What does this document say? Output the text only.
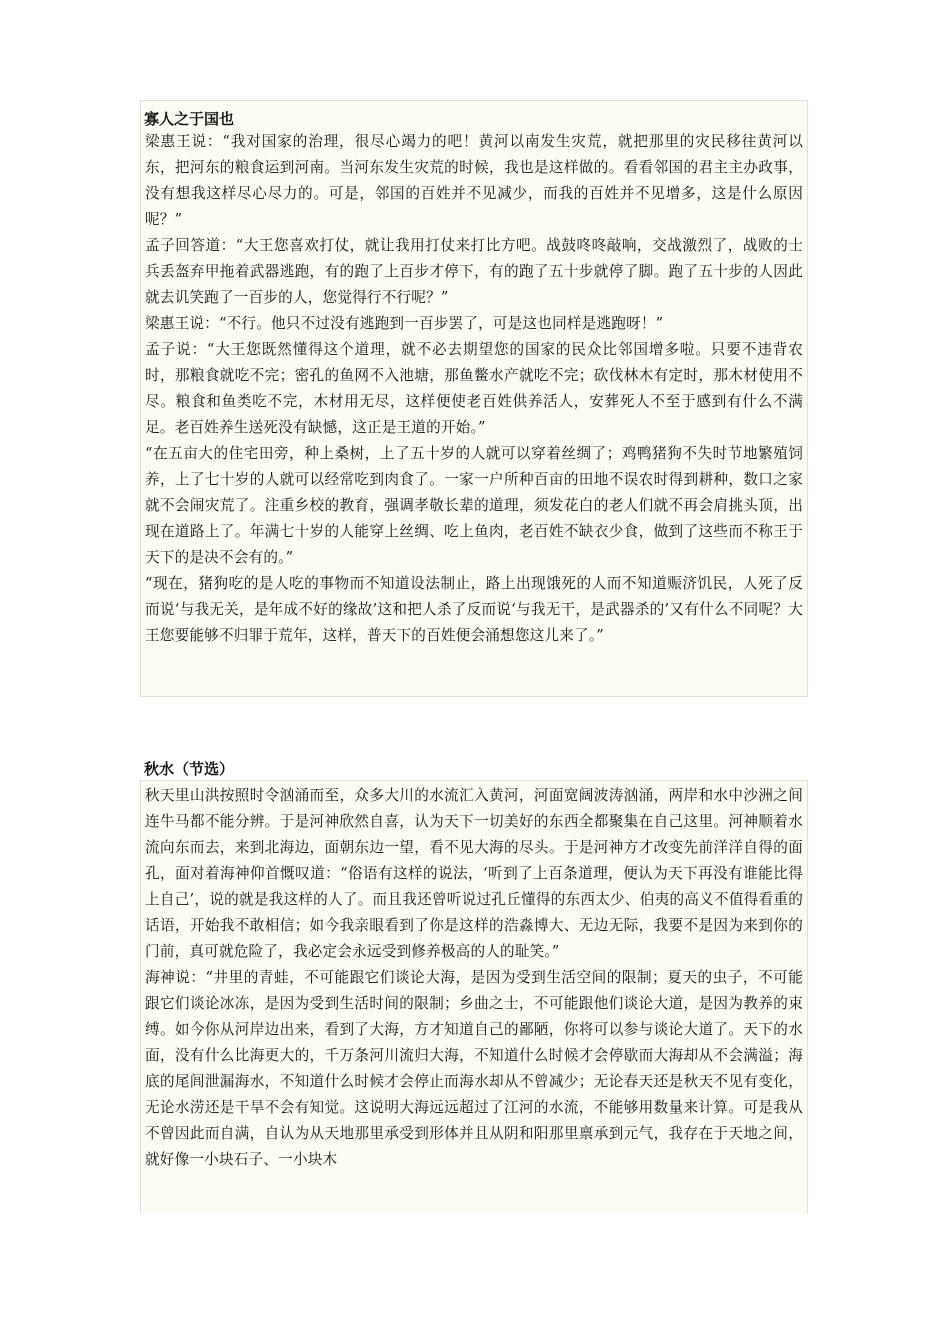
梁惠王说：“我对国家的治理，很尽心竭力的吧！黄河以南发生灾荒，就把那里的灾民移往黄河以东，把河东的粮食运到河南。当河东发生灾荒的时候，我也是这样做的。看看邻国的君主主办政事，没有想我这样尽心尽力的。可是，邻国的百姓并不见减少，而我的百姓并不见增多，这是什么原因呢？”

孟子回答道：“大王您喜欢打仗，就让我用打仗来打比方吧。战鼓咚咚敲响，交战激烈了，战败的士兵丢盔弃甲拖着武器逃跑，有的跑了上百步才停下，有的跑了五十步就停了脚。跑了五十步的人因此就去讥笑跑了一百步的人，您觉得行不行呢？”

梁惠王说：“不行。他只不过没有逃跑到一百步罢了，可是这也同样是逃跑呀！”

孟子说：“大王您既然懂得这个道理，就不必去期望您的国家的民众比邻国增多啦。只要不违背农时，那粮食就吃不完；密孔的鱼网不入池塘，那鱼鳖水产就吃不完；砍伐林木有定时，那木材使用不尽。粮食和鱼类吃不完，木材用无尽，这样便使老百姓供养活人，安葬死人不至于感到有什么不满足。老百姓养生送死没有缺憾，这正是王道的开始。”

“在五亩大的住宅田旁，种上桑树，上了五十岁的人就可以穿着丝绸了；鸡鸭猪狗不失时节地繁殖饲养，上了七十岁的人就可以经常吃到肉食了。一家一户所种百亩的田地不误农时得到耕种，数口之家就不会闹灾荒了。注重乡校的教育，强调孝敬长辈的道理，须发花白的老人们就不再会肩挑头顶，出现在道路上了。年满七十岁的人能穿上丝绸、吃上鱼肉，老百姓不缺衣少食，做到了这些而不称王于天下的是决不会有的。”

“现在，猪狗吃的是人吃的事物而不知道设法制止，路上出现饿死的人而不知道赈济饥民，人死了反而说‘与我无关，是年成不好的缘故’这和把人杀了反而说‘与我无干，是武器杀的’又有什么不同呢？大王您要能够不归罪于荒年，这样，普天下的百姓便会涌想您这儿来了。”

寡人之于国也
秋水（节选）

秋天里山洪按照时令汹涌而至，众多大川的水流汇入黄河，河面宽阔波涛汹涌，两岸和水中沙洲之间连牛马都不能分辨。于是河神欣然自喜，认为天下一切美好的东西全都聚集在自己这里。河神顺着水流向东而去，来到北海边，面朝东边一望，看不见大海的尽头。于是河神方才改变先前洋洋自得的面孔，面对着海神仰首慨叹道：“俗语有这样的说法，‘听到了上百条道理，便认为天下再没有谁能比得上自己’，说的就是我这样的人了。而且我还曾听说过孔丘懂得的东西太少、伯夷的高义不值得看重的话语，开始我不敢相信；如今我亲眼看到了你是这样的浩淼博大、无边无际，我要不是因为来到你的门前，真可就危险了，我必定会永远受到修养极高的人的耻笑。”

海神说：“井里的青蛙，不可能跟它们谈论大海，是因为受到生活空间的限制；夏天的虫子，不可能跟它们谈论冰冻，是因为受到生活时间的限制；乡曲之士，不可能跟他们谈论大道，是因为教养的束缚。如今你从河岸边出来，看到了大海，方才知道自己的鄙陋，你将可以参与谈论大道了。天下的水面，没有什么比海更大的，千万条河川流归大海，不知道什么时候才会停歇而大海却从不会满溢；海底的尾闾泄漏海水，不知道什么时候才会停止而海水却从不曾减少；无论春天还是秋天不见有变化，无论水涝还是干旱不会有知觉。这说明大海远远超过了江河的水流，不能够用数量来计算。可是我从不曾因此而自满，自认为从天地那里承受到形体并且从阴和阳那里禀承到元气，我存在于天地之间，就好像一小块石子、一小块木
